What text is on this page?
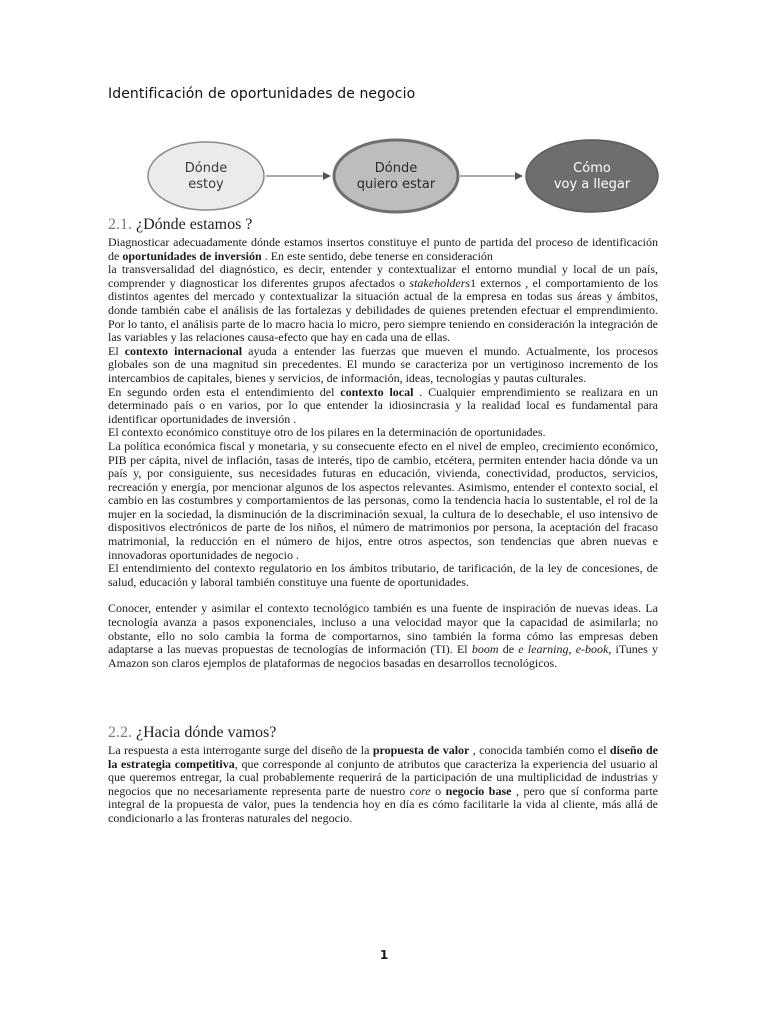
Identificación de oportunidades de negocio
Dónde
estoy
Dónde
quiero estar
Cómo
voy a llegar
2.1. ¿Dónde estamos ?

Diagnosticar adecuadamente dónde estamos insertos constituye el punto de partida del proceso de identificación de oportunidades de inversión . En este sentido, debe tenerse en consideración

la transversalidad del diagnóstico, es decir, entender y contextualizar el entorno mundial y local de un país, comprender y diagnosticar los diferentes grupos afectados o stakeholders1 externos , el comportamiento de los distintos agentes del mercado y contextualizar la situación actual de la empresa en todas sus áreas y ámbitos, donde también cabe el análisis de las fortalezas y debilidades de quienes pretenden efectuar el emprendimiento. Por lo tanto, el análisis parte de lo macro hacia lo micro, pero siempre teniendo en consideración la integración de las variables y las relaciones causa-efecto que hay en cada una de ellas.

El contexto internacional ayuda a entender las fuerzas que mueven el mundo. Actualmente, los procesos globales son de una magnitud sin precedentes. El mundo se caracteriza por un vertiginoso incremento de los intercambios de capitales, bienes y servicios, de información, ideas, tecnologías y pautas culturales.

En segundo orden esta el entendimiento del contexto local . Cualquier emprendimiento se realizara en un determinado país o en varios, por lo que entender la idiosincrasia y la realidad local es fundamental para identificar oportunidades de inversión .

El contexto económico constituye otro de los pilares en la determinación de oportunidades.

La política económica fiscal y monetaria, y su consecuente efecto en el nivel de empleo, crecimiento económico, PIB per cápita, nivel de inflación, tasas de interés, tipo de cambio, etcétera, permiten entender hacia dónde va un país y, por consiguiente, sus necesidades futuras en educación, vivienda, conectividad, productos, servicios, recreación y energía, por mencionar algunos de los aspectos relevantes. Asimismo, entender el contexto social, el cambio en las costumbres y comportamientos de las personas, como la tendencia hacia lo sustentable, el rol de la mujer en la sociedad, la disminución de la discriminación sexual, la cultura de lo desechable, el uso intensivo de dispositivos electrónicos de parte de los niños, el número de matrimonios por persona, la aceptación del fracaso matrimonial, la reducción en el número de hijos, entre otros aspectos, son tendencias que abren nuevas e innovadoras oportunidades de negocio .

El entendimiento del contexto regulatorio en los ámbitos tributario, de tarificación, de la ley de concesiones, de salud, educación y laboral también constituye una fuente de oportunidades.

Conocer, entender y asimilar el contexto tecnológico también es una fuente de inspiración de nuevas ideas. La tecnología avanza a pasos exponenciales, incluso a una velocidad mayor que la capacidad de asimilarla; no obstante, ello no solo cambia la forma de comportarnos, sino también la forma cómo las empresas deben adaptarse a las nuevas propuestas de tecnologías de información (TI). El boom de e learning, e-book, iTunes y Amazon son claros ejemplos de plataformas de negocios basadas en desarrollos tecnológicos.

2.2. ¿Hacia dónde vamos?

La respuesta a esta interrogante surge del diseño de la propuesta de valor , conocida también como el diseño de la estrategia competitiva, que corresponde al conjunto de atributos que caracteriza la experiencia del usuario al que queremos entregar, la cual probablemente requerirá de la participación de una multiplicidad de industrias y negocios que no necesariamente representa parte de nuestro core o negocio base , pero que sí conforma parte integral de la propuesta de valor, pues la tendencia hoy en día es cómo facilitarle la vida al cliente, más allá de condicionarlo a las fronteras naturales del negocio.

1
